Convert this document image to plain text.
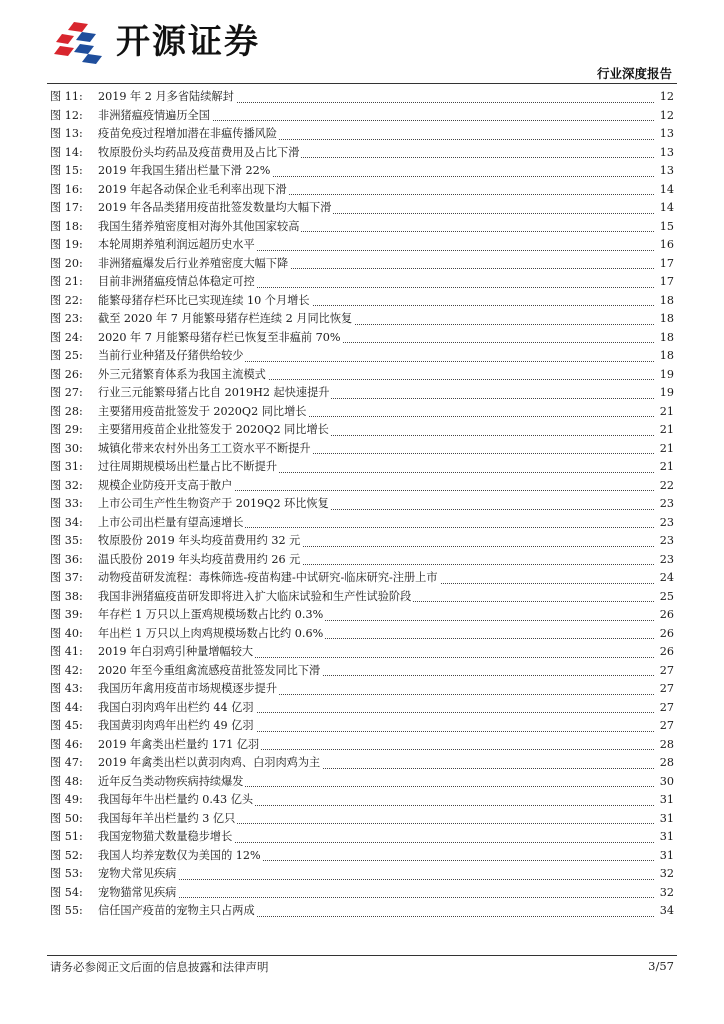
开源证券
行业深度报告
图 11:	2019 年 2 月多省陆续解封	12
图 12:	非洲猪瘟疫情遍历全国	12
图 13:	疫苗免疫过程增加潜在非瘟传播风险	13
图 14:	牧原股份头均药品及疫苗费用及占比下滑	13
图 15:	2019 年我国生猪出栏量下滑 22%	13
图 16:	2019 年起各动保企业毛利率出现下滑	14
图 17:	2019 年各品类猪用疫苗批签发数量均大幅下滑	14
图 18:	我国生猪养殖密度相对海外其他国家较高	15
图 19:	本轮周期养殖利润远超历史水平	16
图 20:	非洲猪瘟爆发后行业养殖密度大幅下降	17
图 21:	目前非洲猪瘟疫情总体稳定可控	17
图 22:	能繁母猪存栏环比已实现连续 10 个月增长	18
图 23:	截至 2020 年 7 月能繁母猪存栏连续 2 月同比恢复	18
图 24:	2020 年 7 月能繁母猪存栏已恢复至非瘟前 70%	18
图 25:	当前行业种猪及仔猪供给较少	18
图 26:	外三元猪繁育体系为我国主流模式	19
图 27:	行业三元能繁母猪占比自 2019H2 起快速提升	19
图 28:	主要猪用疫苗批签发于 2020Q2 同比增长	21
图 29:	主要猪用疫苗企业批签发于 2020Q2 同比增长	21
图 30:	城镇化带来农村外出务工工资水平不断提升	21
图 31:	过往周期规模场出栏量占比不断提升	21
图 32:	规模企业防疫开支高于散户	22
图 33:	上市公司生产性生物资产于 2019Q2 环比恢复	23
图 34:	上市公司出栏量有望高速增长	23
图 35:	牧原股份 2019 年头均疫苗费用约 32 元	23
图 36:	温氏股份 2019 年头均疫苗费用约 26 元	23
图 37:	动物疫苗研发流程：毒株筛选-疫苗构建-中试研究-临床研究-注册上市	24
图 38:	我国非洲猪瘟疫苗研发即将进入扩大临床试验和生产性试验阶段	25
图 39:	年存栏 1 万只以上蛋鸡规模场数占比约 0.3%	26
图 40:	年出栏 1 万只以上肉鸡规模场数占比约 0.6%	26
图 41:	2019 年白羽鸡引种量增幅较大	26
图 42:	2020 年至今重组禽流感疫苗批签发同比下滑	27
图 43:	我国历年禽用疫苗市场规模逐步提升	27
图 44:	我国白羽肉鸡年出栏约 44 亿羽	27
图 45:	我国黄羽肉鸡年出栏约 49 亿羽	27
图 46:	2019 年禽类出栏量约 171 亿羽	28
图 47:	2019 年禽类出栏以黄羽肉鸡、白羽肉鸡为主	28
图 48:	近年反刍类动物疾病持续爆发	30
图 49:	我国每年牛出栏量约 0.43 亿头	31
图 50:	我国每年羊出栏量约 3 亿只	31
图 51:	我国宠物猫犬数量稳步增长	31
图 52:	我国人均养宠数仅为美国的 12%	31
图 53:	宠物犬常见疾病	32
图 54:	宠物猫常见疾病	32
图 55:	信任国产疫苗的宠物主只占两成	34
请务必参阅正文后面的信息披露和法律声明	3/57
